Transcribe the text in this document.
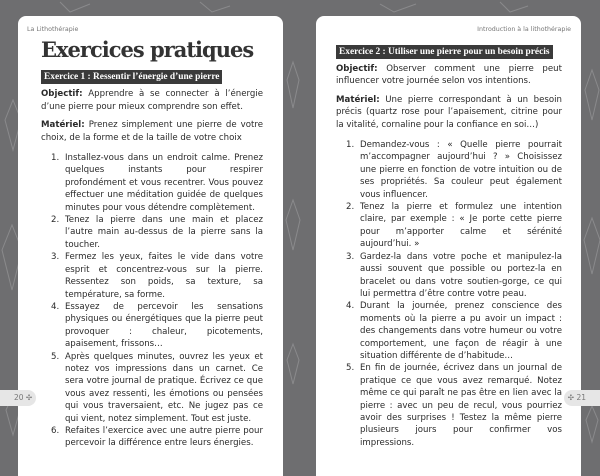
La Lithothérapie
Exercices pratiques
Exercice 1 : Ressentir l’énergie d’une pierre

Objectif: Apprendre à se connecter à l’énergie d’une pierre pour mieux comprendre son effet.

Matériel: Prenez simplement une pierre de votre choix, de la forme et de la taille de votre choix

1. Installez-vous dans un endroit calme. Prenez quelques instants pour respirer profondément et vous recentrer. Vous pouvez effectuer une méditation guidée de quelques minutes pour vous détendre complètement.
2. Tenez la pierre dans une main et placez l’autre main au-dessus de la pierre sans la toucher.
3. Fermez les yeux, faites le vide dans votre esprit et concentrez-vous sur la pierre. Ressentez son poids, sa texture, sa température, sa forme.
4. Essayez de percevoir les sensations physiques ou énergétiques que la pierre peut provoquer : chaleur, picotements, apaisement, frissons…
5. Après quelques minutes, ouvrez les yeux et notez vos impressions dans un carnet. Ce sera votre journal de pratique. Écrivez ce que vous avez ressenti, les émotions ou pensées qui vous traversaient, etc. Ne jugez pas ce qui vient, notez simplement. Tout est juste.
6. Refaites l’exercice avec une autre pierre pour percevoir la différence entre leurs énergies.
Introduction à la lithothérapie
Exercice 2 : Utiliser une pierre pour un besoin précis

Objectif: Observer comment une pierre peut influencer votre journée selon vos intentions.

Matériel: Une pierre correspondant à un besoin précis (quartz rose pour l’apaisement, citrine pour la vitalité, cornaline pour la confiance en soi…)

1. Demandez-vous : « Quelle pierre pourrait m’accompagner aujourd’hui ? » Choisissez une pierre en fonction de votre intuition ou de ses propriétés. Sa couleur peut également vous influencer.
2. Tenez la pierre et formulez une intention claire, par exemple : « Je porte cette pierre pour m’apporter calme et sérénité aujourd’hui. »
3. Gardez-la dans votre poche et manipulez-la aussi souvent que possible ou portez-la en bracelet ou dans votre soutien-gorge, ce qui lui permettra d’être contre votre peau.
4. Durant la journée, prenez conscience des moments où la pierre a pu avoir un impact : des changements dans votre humeur ou votre comportement, une façon de réagir à une situation différente de d’habitude…
5. En fin de journée, écrivez dans un journal de pratique ce que vous avez remarqué. Notez même ce qui paraît ne pas être en lien avec la pierre : avec un peu de recul, vous pourriez avoir des surprises ! Testez la même pierre plusieurs jours pour confirmer vos impressions.
20 ✣	✣ 21
